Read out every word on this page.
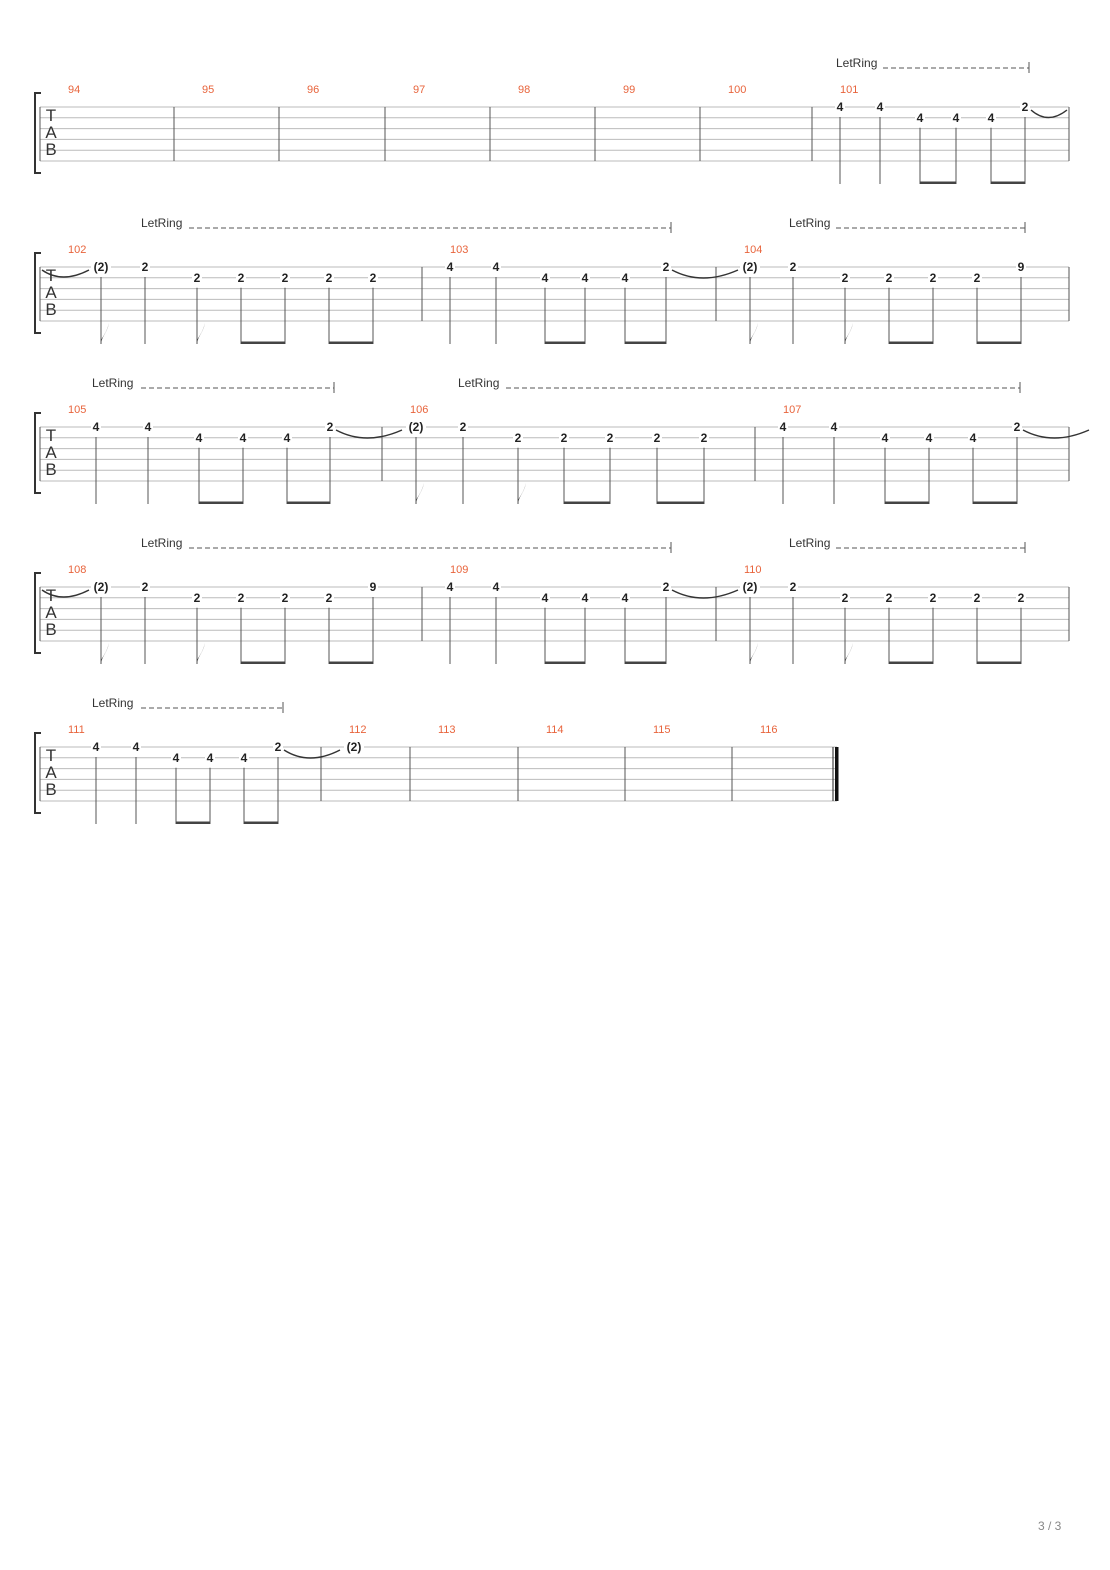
T
A
B
94	95	96	97	98	99	100	101
4	4
4 4 4
2
T
A
B
102
(2)	2
2	2	2	2	2
103
4	4
4	4	4
2
104
(2)	2
2	2	2	2
9
T
A
B
105
4	4
4	4	4
2
106
(2)	2
2	2	2	2	2
107
4	4
4	4	4
2
T
A
B
108
(2)	2
2	2	2	2
9
109
4	4
4	4	4
2
110
(2)	2
2	2	2	2	2
T
A
B
111
4	4
4 4 4
2
112
(2)
113	114	115	116
LetRing
LetRing	LetRing
LetRing	LetRing
LetRing	LetRing
LetRing
3 / 3
